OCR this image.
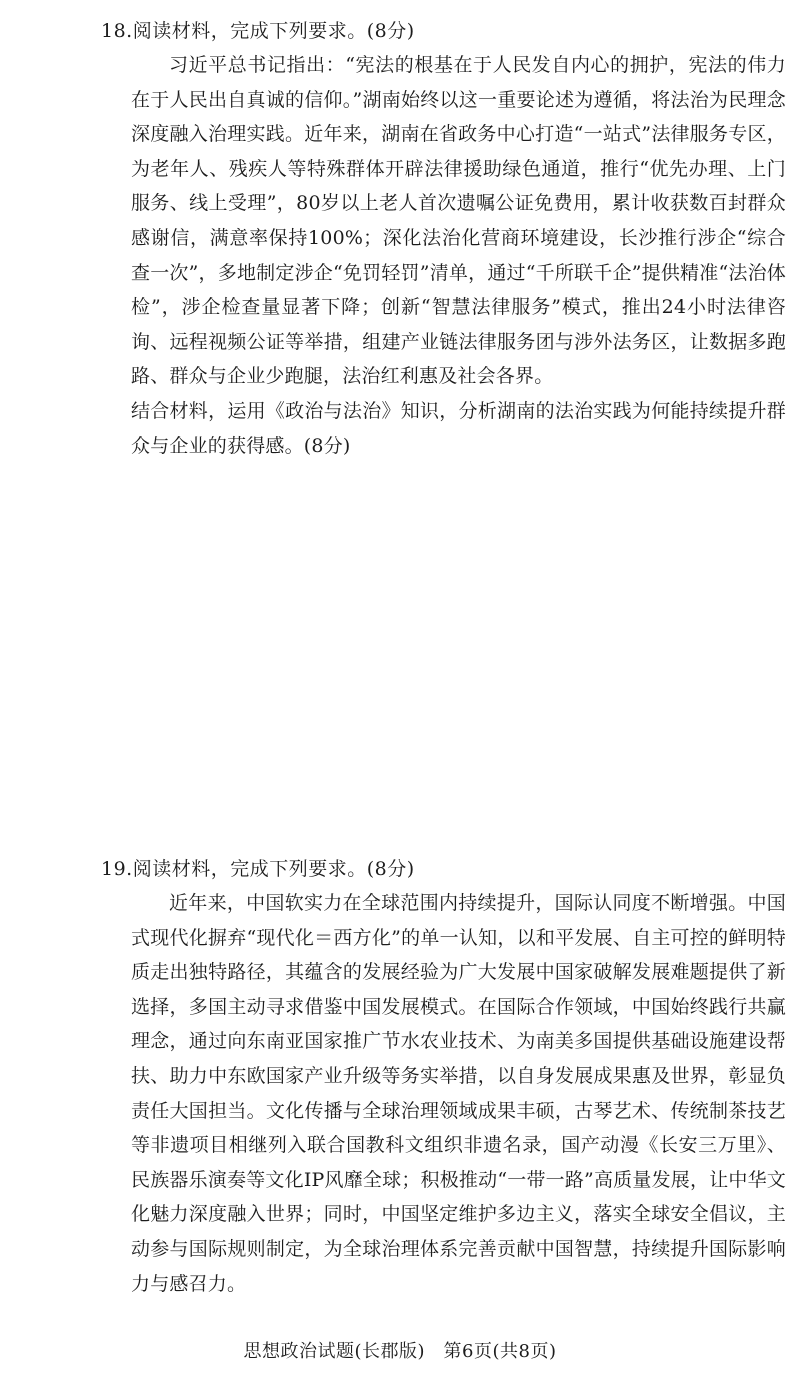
18.阅读材料，完成下列要求。(8分)

习近平总书记指出：“宪法的根基在于人民发自内心的拥护，宪法的伟力在于人民出自真诚的信仰。”湖南始终以这一重要论述为遵循，将法治为民理念深度融入治理实践。近年来，湖南在省政务中心打造“一站式”法律服务专区，为老年人、残疾人等特殊群体开辟法律援助绿色通道，推行“优先办理、上门服务、线上受理”，80岁以上老人首次遗嘱公证免费用，累计收获数百封群众感谢信，满意率保持100%；深化法治化营商环境建设，长沙推行涉企“综合查一次”，多地制定涉企“免罚轻罚”清单，通过“千所联千企”提供精准“法治体检”，涉企检查量显著下降；创新“智慧法律服务”模式，推出24小时法律咨询、远程视频公证等举措，组建产业链法律服务团与涉外法务区，让数据多跑路、群众与企业少跑腿，法治红利惠及社会各界。

结合材料，运用《政治与法治》知识，分析湖南的法治实践为何能持续提升群众与企业的获得感。(8分)

19.阅读材料，完成下列要求。(8分)

近年来，中国软实力在全球范围内持续提升，国际认同度不断增强。中国式现代化摒弃“现代化＝西方化”的单一认知，以和平发展、自主可控的鲜明特质走出独特路径，其蕴含的发展经验为广大发展中国家破解发展难题提供了新选择，多国主动寻求借鉴中国发展模式。在国际合作领域，中国始终践行共赢理念，通过向东南亚国家推广节水农业技术、为南美多国提供基础设施建设帮扶、助力中东欧国家产业升级等务实举措，以自身发展成果惠及世界，彰显负责任大国担当。文化传播与全球治理领域成果丰硕，古琴艺术、传统制茶技艺等非遗项目相继列入联合国教科文组织非遗名录，国产动漫《长安三万里》、民族器乐演奏等文化IP风靡全球；积极推动“一带一路”高质量发展，让中华文化魅力深度融入世界；同时，中国坚定维护多边主义，落实全球安全倡议，主动参与国际规则制定，为全球治理体系完善贡献中国智慧，持续提升国际影响力与感召力。

思想政治试题(长郡版)　第6页(共8页)
